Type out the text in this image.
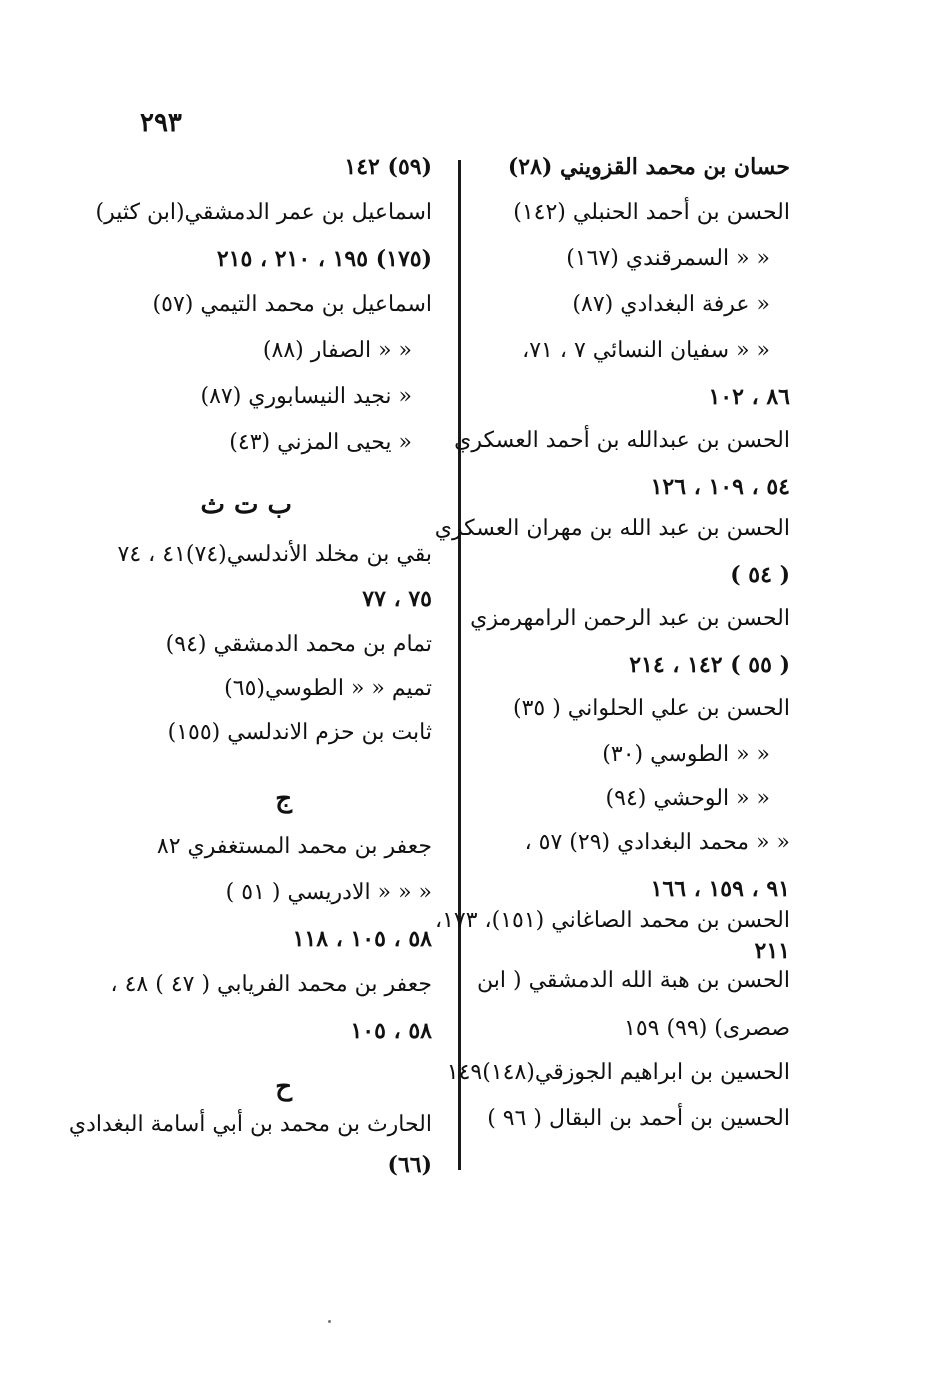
٢٩٣
حسان بن محمد القزويني (٢٨)
الحسن بن أحمد الحنبلي (١٤٢)
« « السمرقندي (١٦٧)
« عرفة البغدادي (٨٧)
« « سفيان النسائي ٧ ، ٧١،
٨٦ ، ١٠٢
الحسن بن عبدالله بن أحمد العسكري
٥٤ ، ١٠٩ ، ١٢٦
الحسن بن عبد الله بن مهران العسكري
( ٥٤ )
الحسن بن عبد الرحمن الرامهرمزي
( ٥٥ ) ١٤٢ ، ٢١٤
الحسن بن علي الحلواني ( ٣٥)
« « الطوسي (٣٠)
« « الوحشي (٩٤)
« « محمد البغدادي (٢٩) ٥٧ ،
٩١ ، ١٥٩ ، ١٦٦
الحسن بن محمد الصاغاني (١٥١)، ١٧٣،
٢١١
الحسن بن هبة الله الدمشقي ( ابن
صصرى) (٩٩) ١٥٩
الحسين بن ابراهيم الجوزقي(١٤٨)١٤٩
الحسين بن أحمد بن البقال ( ٩٦ )
(٥٩) ١٤٢
اسماعيل بن عمر الدمشقي(ابن كثير)
(١٧٥) ١٩٥ ، ٢١٠ ، ٢١٥
اسماعيل بن محمد التيمي (٥٧)
« « الصفار (٨٨)
« نجيد النيسابوري (٨٧)
« يحيى المزني (٤٣)
ب ت ث
بقي بن مخلد الأندلسي(٧٤)٤١ ، ٧٤
٧٥ ، ٧٧
تمام بن محمد الدمشقي (٩٤)
تميم « « الطوسي(٦٥)
ثابت بن حزم الاندلسي (١٥٥)
ج
جعفر بن محمد المستغفري ٨٢
« « « الادريسي ( ٥١ )
٥٨ ، ١٠٥ ، ١١٨
جعفر بن محمد الفريابي ( ٤٧ ) ٤٨ ،
٥٨ ، ١٠٥
ح
الحارث بن محمد بن أبي أسامة البغدادي
(٦٦)
